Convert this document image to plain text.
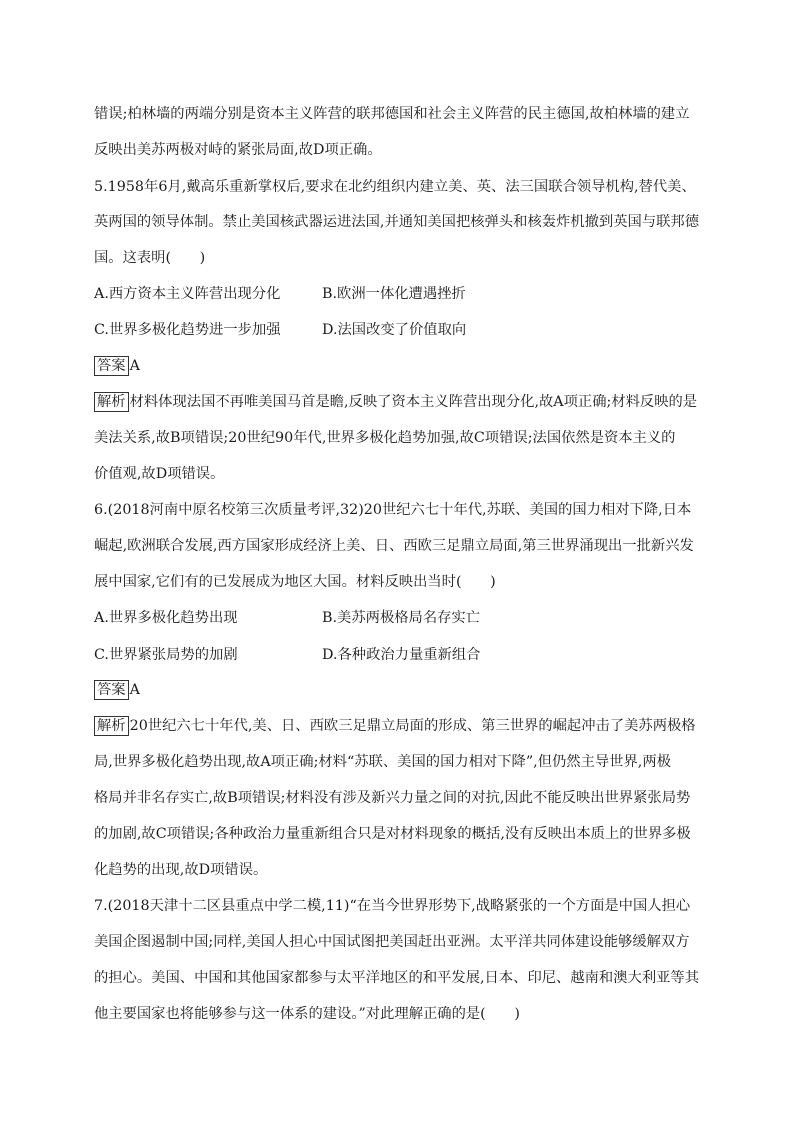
错误;柏林墙的两端分别是资本主义阵营的联邦德国和社会主义阵营的民主德国,故柏林墙的建立
反映出美苏两极对峙的紧张局面,故D项正确。
5.1958年6月,戴高乐重新掌权后,要求在北约组织内建立美、英、法三国联合领导机构,替代美、
英两国的领导体制。禁止美国核武器运进法国,并通知美国把核弹头和核轰炸机撤到英国与联邦德
国。这表明(　　)
A.西方资本主义阵营出现分化	B.欧洲一体化遭遇挫折
C.世界多极化趋势进一步加强	D.法国改变了价值取向
答案 A
解析 材料体现法国不再唯美国马首是瞻,反映了资本主义阵营出现分化,故A项正确;材料反映的是
美法关系,故B项错误;20世纪90年代,世界多极化趋势加强,故C项错误;法国依然是资本主义的
价值观,故D项错误。
6.(2018河南中原名校第三次质量考评,32)20世纪六七十年代,苏联、美国的国力相对下降,日本
崛起,欧洲联合发展,西方国家形成经济上美、日、西欧三足鼎立局面,第三世界涌现出一批新兴发
展中国家,它们有的已发展成为地区大国。材料反映出当时(　　)
A.世界多极化趋势出现	B.美苏两极格局名存实亡
C.世界紧张局势的加剧	D.各种政治力量重新组合
答案 A
解析 20世纪六七十年代,美、日、西欧三足鼎立局面的形成、第三世界的崛起冲击了美苏两极格
局,世界多极化趋势出现,故A项正确;材料“苏联、美国的国力相对下降”,但仍然主导世界,两极
格局并非名存实亡,故B项错误;材料没有涉及新兴力量之间的对抗,因此不能反映出世界紧张局势
的加剧,故C项错误;各种政治力量重新组合只是对材料现象的概括,没有反映出本质上的世界多极
化趋势的出现,故D项错误。
7.(2018天津十二区县重点中学二模,11)“在当今世界形势下,战略紧张的一个方面是中国人担心
美国企图遏制中国;同样,美国人担心中国试图把美国赶出亚洲。太平洋共同体建设能够缓解双方
的担心。美国、中国和其他国家都参与太平洋地区的和平发展,日本、印尼、越南和澳大利亚等其
他主要国家也将能够参与这一体系的建设。”对此理解正确的是(　　)
